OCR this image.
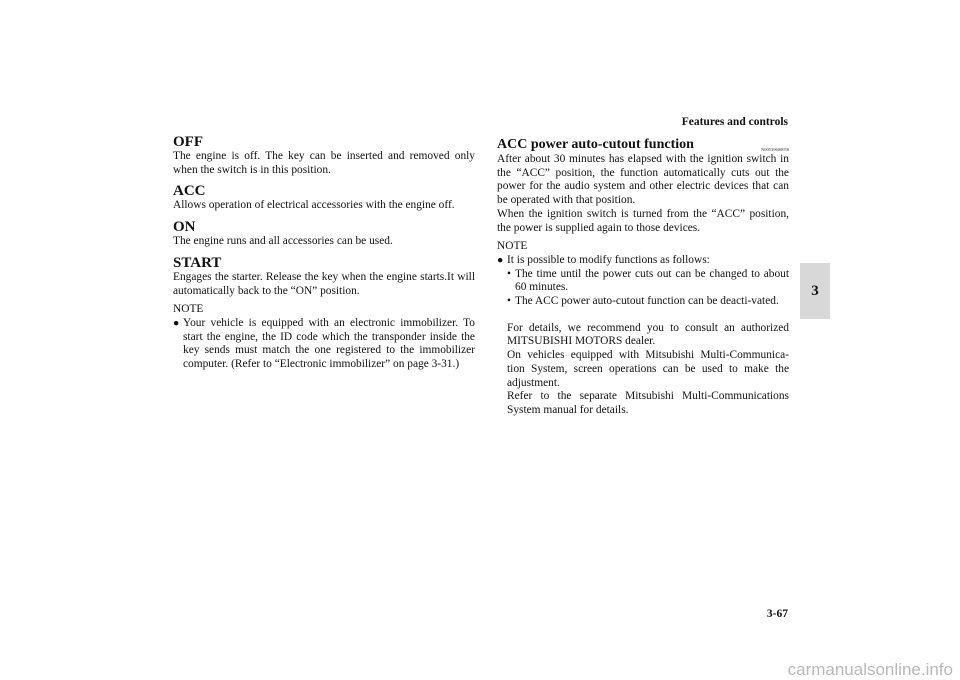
Features and controls
3
OFF

The engine is off. The key can be inserted and removed only when the switch is in this position.

ACC

Allows operation of electrical accessories with the engine off.

ON

The engine runs and all accessories can be used.

START

Engages the starter. Release the key when the engine starts.It will automatically back to the “ON” position.

NOTE

● Your vehicle is equipped with an electronic immobilizer. To start the engine, the ID code which the transponder inside the key sends must match the one registered to the immobilizer computer. (Refer to “Electronic immobilizer” on page 3-31.)
ACC power auto-cutout function	N00539600058

After about 30 minutes has elapsed with the ignition switch in the “ACC” position, the function automatically cuts out the power for the audio system and other electric devices that can be operated with that position.

When the ignition switch is turned from the “ACC” position, the power is supplied again to those devices.

NOTE

● It is possible to modify functions as follows:
• The time until the power cuts out can be changed to about 60 minutes.
• The ACC power auto-cutout function can be deacti-vated.

For details, we recommend you to consult an authorized MITSUBISHI MOTORS dealer.

On vehicles equipped with Mitsubishi Multi-Communica-tion System, screen operations can be used to make the adjustment.

Refer to the separate Mitsubishi Multi-Communications System manual for details.

3-67
carmanualsonline.info
